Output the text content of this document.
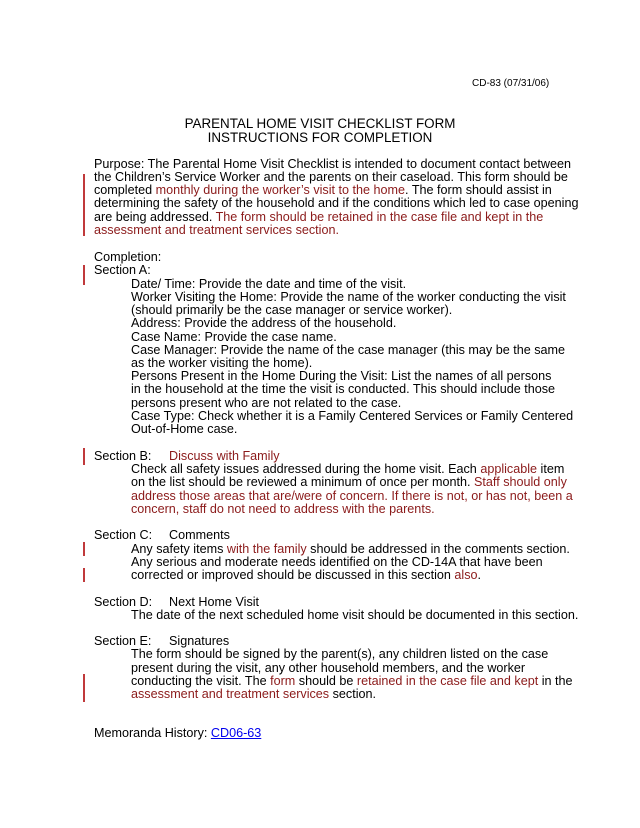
CD-83 (07/31/06)
PARENTAL HOME VISIT CHECKLIST FORM
INSTRUCTIONS FOR COMPLETION
Purpose: The Parental Home Visit Checklist is intended to document contact between
the Children’s Service Worker and the parents on their caseload. This form should be
completed monthly during the worker’s visit to the home. The form should assist in
determining the safety of the household and if the conditions which led to case opening
are being addressed. The form should be retained in the case file and kept in the
assessment and treatment services section.
Completion:
Section A:
Date/ Time: Provide the date and time of the visit.
Worker Visiting the Home: Provide the name of the worker conducting the visit
(should primarily be the case manager or service worker).
Address: Provide the address of the household.
Case Name: Provide the case name.
Case Manager: Provide the name of the case manager (this may be the same
as the worker visiting the home).
Persons Present in the Home During the Visit: List the names of all persons
in the household at the time the visit is conducted. This should include those
persons present who are not related to the case.
Case Type: Check whether it is a Family Centered Services or Family Centered
Out-of-Home case.
Section B: Discuss with Family
Check all safety issues addressed during the home visit. Each applicable item
on the list should be reviewed a minimum of once per month. Staff should only
address those areas that are/were of concern. If there is not, or has not, been a
concern, staff do not need to address with the parents.
Section C: Comments
Any safety items with the family should be addressed in the comments section.
Any serious and moderate needs identified on the CD-14A that have been
corrected or improved should be discussed in this section also.
Section D: Next Home Visit
The date of the next scheduled home visit should be documented in this section.
Section E: Signatures
The form should be signed by the parent(s), any children listed on the case
present during the visit, any other household members, and the worker
conducting the visit. The form should be retained in the case file and kept in the
assessment and treatment services section.
Memoranda History: CD06-63
